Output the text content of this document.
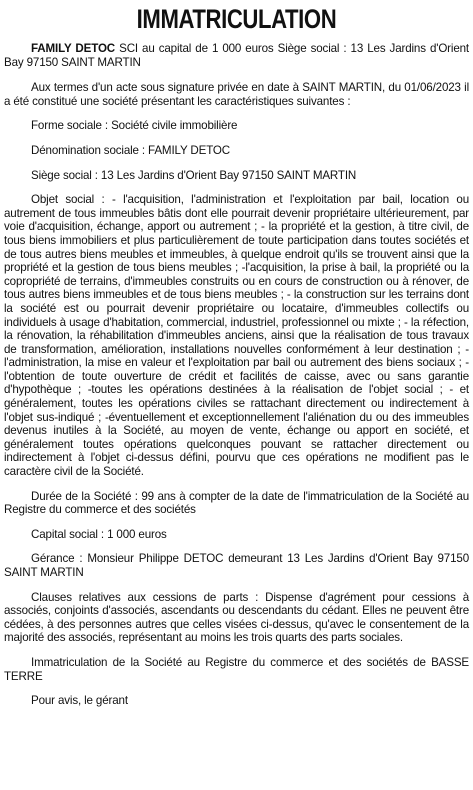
IMMATRICULATION

FAMILY DETOC SCI au capital de 1 000 euros Siège social : 13 Les Jardins d'Orient Bay 97150 SAINT MARTIN

Aux termes d'un acte sous signature privée en date à SAINT MARTIN, du 01/06/2023 il a été constitué une société présentant les caractéristiques suivantes :

Forme sociale : Société civile immobilière

Dénomination sociale : FAMILY DETOC

Siège social : 13 Les Jardins d'Orient Bay 97150 SAINT MARTIN

Objet social : - l'acquisition, l'administration et l'exploitation par bail, location ou autrement de tous immeubles bâtis dont elle pourrait devenir propriétaire ultérieurement, par voie d'acquisition, échange, apport ou autrement ; - la propriété et la gestion, à titre civil, de tous biens immobiliers et plus particulièrement de toute participation dans toutes sociétés et de tous autres biens meubles et immeubles, à quelque endroit qu'ils se trouvent ainsi que la propriété et la gestion de tous biens meubles ; -l'acquisition, la prise à bail, la propriété ou la copropriété de terrains, d'immeubles construits ou en cours de construction ou à rénover, de tous autres biens immeubles et de tous biens meubles ; - la construction sur les terrains dont la société est ou pourrait devenir propriétaire ou locataire, d'immeubles collectifs ou individuels à usage d'habitation, commercial, industriel, professionnel ou mixte ; - la réfection, la rénovation, la réhabilitation d'immeubles anciens, ainsi que la réalisation de tous travaux de transformation, amélioration, installations nouvelles conformément à leur destination ; -l'administration, la mise en valeur et l'exploitation par bail ou autrement des biens sociaux ; -l'obtention de toute ouverture de crédit et facilités de caisse, avec ou sans garantie d'hypothèque ; -toutes les opérations destinées à la réalisation de l'objet social ; - et généralement, toutes les opérations civiles se rattachant directement ou indirectement à l'objet sus-indiqué ; -éventuellement et exceptionnellement l'aliénation du ou des immeubles devenus inutiles à la Société, au moyen de vente, échange ou apport en société, et généralement toutes opérations quelconques pouvant se rattacher directement ou indirectement à l'objet ci-dessus défini, pourvu que ces opérations ne modifient pas le caractère civil de la Société.

Durée de la Société : 99 ans à compter de la date de l'immatriculation de la Société au Registre du commerce et des sociétés

Capital social : 1 000 euros

Gérance : Monsieur Philippe DETOC demeurant 13 Les Jardins d'Orient Bay 97150 SAINT MARTIN

Clauses relatives aux cessions de parts : Dispense d'agrément pour cessions à associés, conjoints d'associés, ascendants ou descendants du cédant. Elles ne peuvent être cédées, à des personnes autres que celles visées ci-dessus, qu'avec le consentement de la majorité des associés, représentant au moins les trois quarts des parts sociales.

Immatriculation de la Société au Registre du commerce et des sociétés de BASSE TERRE

Pour avis, le gérant
